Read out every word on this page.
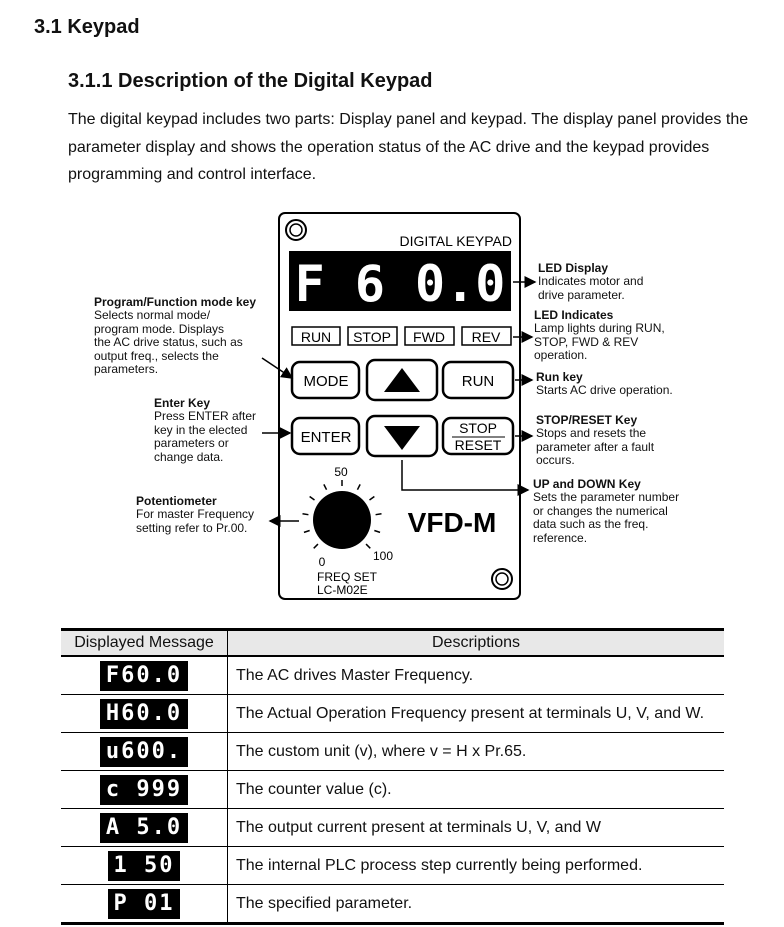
3.1 Keypad
3.1.1 Description of the Digital Keypad
The digital keypad includes two parts: Display panel and keypad. The display panel provides the parameter display and shows the operation status of the AC drive and the keypad provides programming and control interface.
DIGITAL KEYPAD
F 6 0.0
RUN STOP FWD REV
MODE	RUN
ENTER
STOP
RESET
50
0	100
VFD-M
FREQ SET
LC-M02E
Program/Function mode key
Selects normal mode/
program mode. Displays
the AC drive status, such as
output freq., selects the
parameters.
Enter Key
Press ENTER after
key in the elected
parameters or
change data.
Potentiometer
For master Frequency
setting refer to Pr.00.
LED Display
Indicates motor and
drive parameter.
LED Indicates
Lamp lights during RUN,
STOP, FWD & REV
operation.
Run key
Starts AC drive operation.
STOP/RESET Key
Stops and resets the
parameter after a fault
occurs.
UP and DOWN Key
Sets the parameter number
or changes the numerical
data such as the freq.
reference.
Displayed Message	Descriptions
F60.0	The AC drives Master Frequency.
H60.0	The Actual Operation Frequency present at terminals U, V, and W.
u600.	The custom unit (v), where v = H x Pr.65.
c 999	The counter value (c).
A 5.0	The output current present at terminals U, V, and W
1 50	The internal PLC process step currently being performed.
P 01	The specified parameter.
